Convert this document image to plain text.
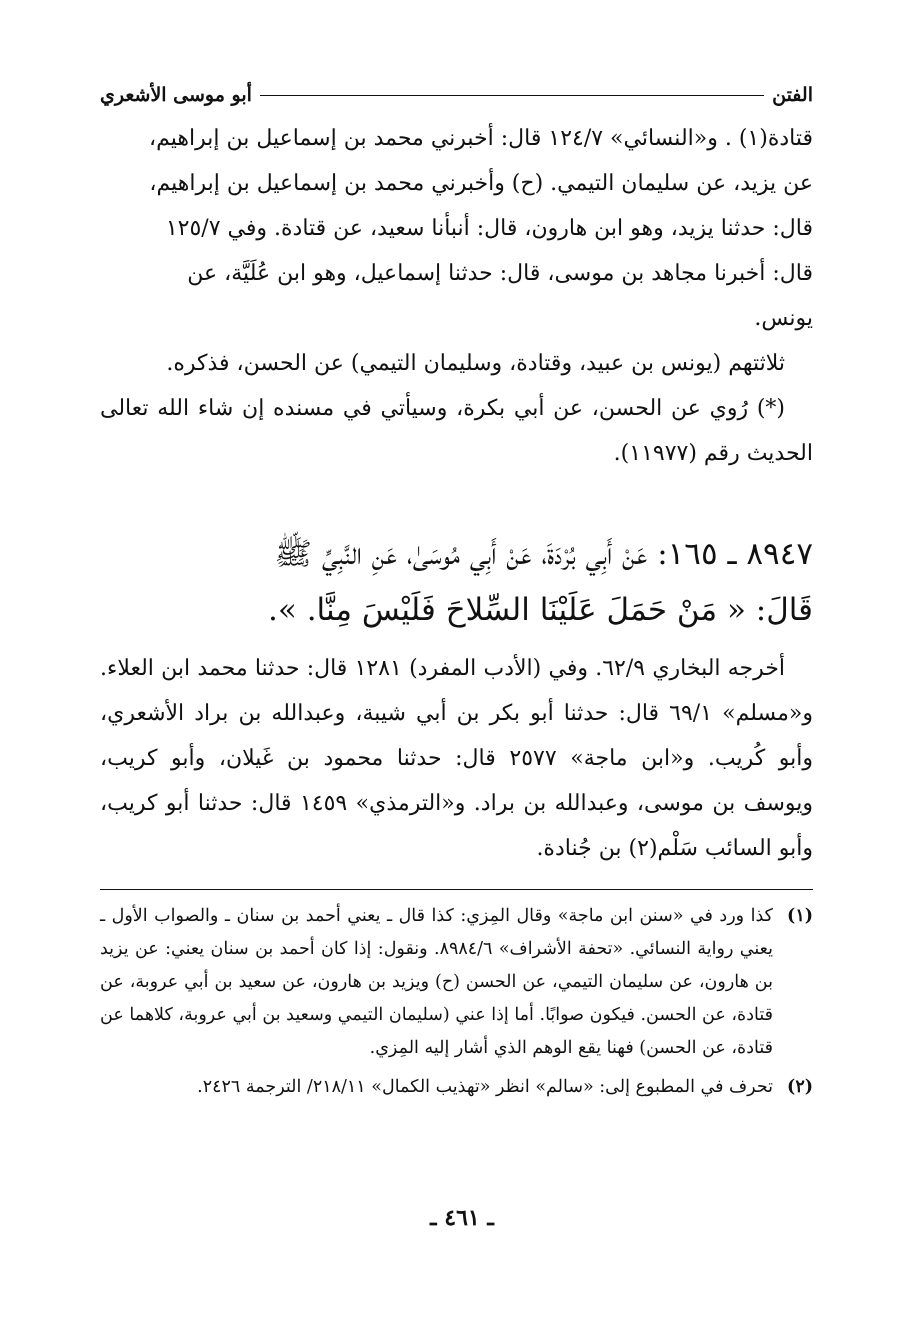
الفتن
أبو موسى الأشعري

قتادة(١) . و«النسائي» ١٢٤/٧ قال: أخبرني محمد بن إسماعيل بن إبراهيم،

عن يزيد، عن سليمان التيمي. (ح) وأخبرني محمد بن إسماعيل بن إبراهيم،

قال: حدثنا يزيد، وهو ابن هارون، قال: أنبأنا سعيد، عن قتادة. وفي ١٢٥/٧

قال: أخبرنا مجاهد بن موسى، قال: حدثنا إسماعيل، وهو ابن عُلَيَّة، عن

يونس.

ثلاثتهم (يونس بن عبيد، وقتادة، وسليمان التيمي) عن الحسن، فذكره.

(*) رُوي عن الحسن، عن أبي بكرة، وسيأتي في مسنده إن شاء الله تعالى الحديث رقم (١١٩٧٧).

٨٩٤٧ ـ ١٦٥: عَنْ أَبِي بُرْدَةَ، عَنْ أَبِي مُوسَىٰ، عَنِ النَّبِيِّ ﷺ
قَالَ: « مَنْ حَمَلَ عَلَيْنَا السِّلاحَ فَلَيْسَ مِنَّا. ».

أخرجه البخاري ٦٢/٩. وفي (الأدب المفرد) ١٢٨١ قال: حدثنا محمد ابن العلاء. و«مسلم» ٦٩/١ قال: حدثنا أبو بكر بن أبي شيبة، وعبدالله بن براد الأشعري، وأبو كُريب. و«ابن ماجة» ٢٥٧٧ قال: حدثنا محمود بن غَيلان، وأبو كريب، ويوسف بن موسى، وعبدالله بن براد. و«الترمذي» ١٤٥٩ قال: حدثنا أبو كريب، وأبو السائب سَلْم(٢) بن جُنادة.

(١)
كذا ورد في «سنن ابن ماجة» وقال المِزي: كذا قال ـ يعني أحمد بن سنان ـ والصواب الأول ـ يعني رواية النسائي. «تحفة الأشراف» ٨٩٨٤/٦. ونقول: إذا كان أحمد بن سنان يعني: عن يزيد بن هارون، عن سليمان التيمي، عن الحسن (ح) ويزيد بن هارون، عن سعيد بن أبي عروبة، عن قتادة، عن الحسن. فيكون صوابًا. أما إذا عني (سليمان التيمي وسعيد بن أبي عروبة، كلاهما عن قتادة، عن الحسن) فهنا يقع الوهم الذي أشار إليه المِزي.
(٢)
تحرف في المطبوع إلى: «سالم» انظر «تهذيب الكمال» ٢١٨/١١/ الترجمة ٢٤٢٦.
ـ ٤٦١ ـ
